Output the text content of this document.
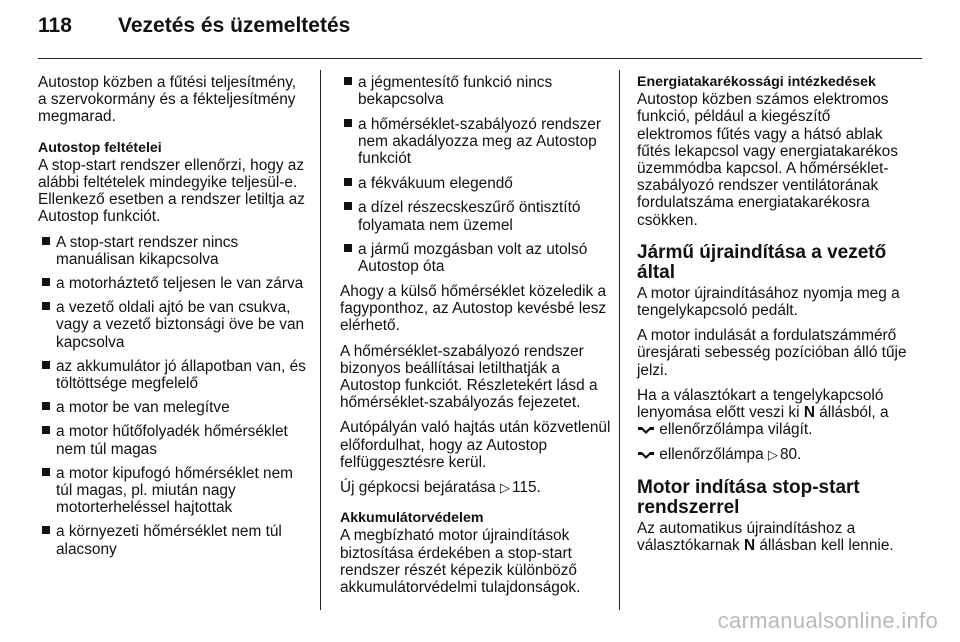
118	Vezetés és üzemeltetés

Autostop közben a fűtési teljesítmény, a szervokormány és a fékteljesítmény megmarad.

Autostop feltételei

A stop-start rendszer ellenőrzi, hogy az alábbi feltételek mindegyike teljesül-e. Ellenkező esetben a rendszer letiltja az Autostop funkciót.

A stop-start rendszer nincs manuálisan kikapcsolva
a motorháztető teljesen le van zárva
a vezető oldali ajtó be van csukva, vagy a vezető biztonsági öve be van kapcsolva
az akkumulátor jó állapotban van, és töltöttsége megfelelő
a motor be van melegítve
a motor hűtőfolyadék hőmérséklet nem túl magas
a motor kipufogó hőmérséklet nem túl magas, pl. miután nagy motorterheléssel hajtottak
a környezeti hőmérséklet nem túl alacsony
a jégmentesítő funkció nincs bekapcsolva
a hőmérséklet-szabályozó rendszer nem akadályozza meg az Autostop funkciót
a fékvákuum elegendő
a dízel részecskeszűrő öntisztító folyamata nem üzemel
a jármű mozgásban volt az utolsó Autostop óta

Ahogy a külső hőmérséklet közeledik a fagyponthoz, az Autostop kevésbé lesz elérhető.

A hőmérséklet-szabályozó rendszer bizonyos beállításai letilthatják a Autostop funkciót. Részletekért lásd a hőmérséklet-szabályozás fejezetet.

Autópályán való hajtás után közvetlenül előfordulhat, hogy az Autostop felfüggesztésre kerül.

Új gépkocsi bejáratása ▷ 115.

Akkumulátorvédelem

A megbízható motor újraindítások biztosítása érdekében a stop-start rendszer részét képezik különböző akkumulátorvédelmi tulajdonságok.

Energiatakarékossági intézkedések

Autostop közben számos elektromos funkció, például a kiegészítő elektromos fűtés vagy a hátsó ablak fűtés lekapcsol vagy energiatakarékos üzemmódba kapcsol. A hőmérséklet-szabályozó rendszer ventilátorának fordulatszáma energiatakarékosra csökken.

Jármű újraindítása a vezető által

A motor újraindításához nyomja meg a tengelykapcsoló pedált.

A motor indulását a fordulatszámmérő üresjárati sebesség pozícióban álló tűje jelzi.

Ha a választókart a tengelykapcsoló lenyomása előtt veszi ki N állásból, a  ellenőrzőlámpa világít.

ellenőrzőlámpa ▷ 80.

Motor indítása stop-start rendszerrel

Az automatikus újraindításhoz a választókarnak N állásban kell lennie.

carmanualsonline.info
